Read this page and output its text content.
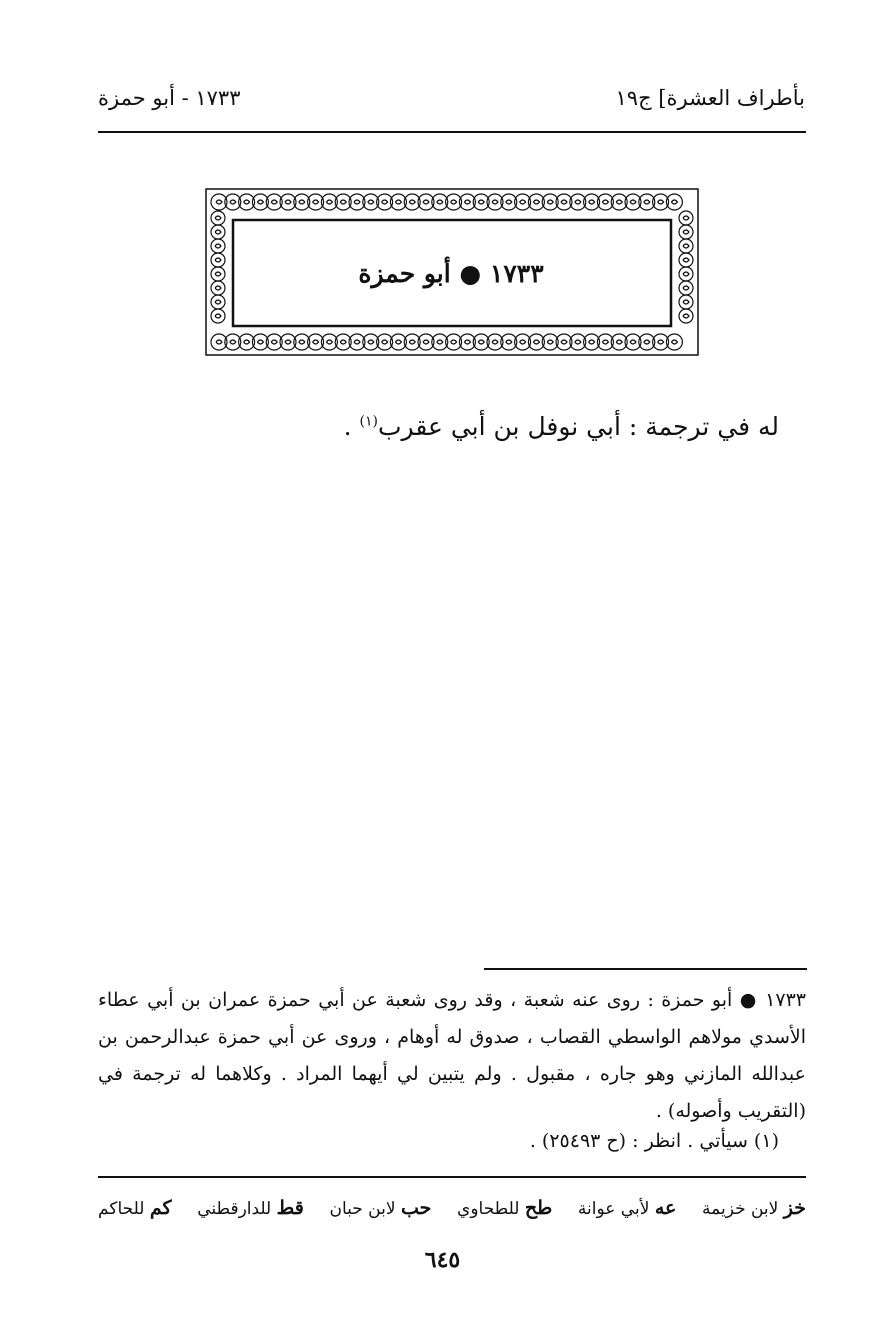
بأطراف العشرة] ج١٩
١٧٣٣ - أبو حمزة
١٧٣٣ ● أبو حمزة
له في ترجمة : أبي نوفل بن أبي عقرب$^{(١)}$ .
١٧٣٣ ● أبو حمزة : روى عنه شعبة ، وقد روى شعبة عن أبي حمزة عمران بن أبي عطاء الأسدي مولاهم الواسطي القصاب ، صدوق له أوهام ، وروى عن أبي حمزة عبدالرحمن بن عبدالله المازني وهو جاره ، مقبول . ولم يتبين لي أيهما المراد . وكلاهما له ترجمة في (التقريب وأصوله) .
(١) سيأتي . انظر : (ح ٢٥٤٩٣) .
خز لابن خزيمة
عه لأبي عوانة
طح للطحاوي
حب لابن حبان
قط للدارقطني
كم للحاكم
٦٤٥
